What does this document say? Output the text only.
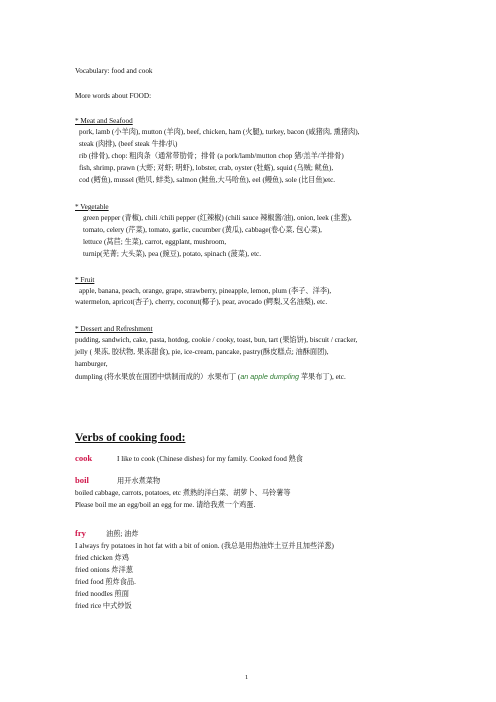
Vocabulary: food and cook
More words about FOOD:
* Meat and Seafood
pork, lamb (小羊肉), mutton (羊肉), beef, chicken, ham (火腿), turkey, bacon (咸猪肉, 熏猪肉),
steak (肉排), (beef steak 牛排/扒)
rib (排骨), chop: 粗肉条（通常带肋骨；排骨 (a pork/lamb/mutton chop 猪/羔羊/羊排骨)
fish, shrimp, prawn (大虾; 对虾; 明虾), lobster, crab, oyster (牡蛎), squid (乌贼; 鱿鱼),
cod (鳕鱼), mussel (贻贝, 蚌类), salmon (鲑鱼,大马哈鱼), eel (鳗鱼), sole (比目鱼)etc.
* Vegetable
green pepper (青椒), chili /chili pepper (红辣椒) (chili sauce 辣椒酱/油), onion, leek (韭葱),
tomato, celery (芹菜), tomato, garlic, cucumber (黄瓜), cabbage(卷心菜, 包心菜),
lettuce (莴苣; 生菜), carrot, eggplant, mushroom,
turnip(芜菁; 大头菜), pea (豌豆), potato, spinach (菠菜), etc.
* Fruit
apple, banana, peach, orange, grape, strawberry, pineapple, lemon, plum (李子、洋李),
watermelon, apricot(杏子), cherry, coconut(椰子), pear, avocado (鳄梨,又名油梨), etc.
* Dessert and Refreshment
pudding, sandwich, cake, pasta, hotdog, cookie / cooky, toast, bun, tart (果馅饼), biscuit / cracker,
jelly ( 果冻, 胶状物, 果冻甜食), pie, ice-cream, pancake, pastry(酥皮糕点; 油酥面团),
hamburger,
dumpling (将水果放在面团中烘制而成的）水果布丁 (an apple dumpling 苹果布丁), etc.
Verbs of cooking food:
cook	I like to cook (Chinese dishes) for my family. Cooked food 熟食
boil	用开水煮菜物
boiled cabbage, carrots, potatoes, etc 煮熟的洋白菜、胡萝卜、马铃薯等
Please boil me an egg/boil an egg for me. 请给我煮一个鸡蛋.
fry	油煎; 油炸
I always fry potatoes in hot fat with a bit of onion. (我总是用热油炸土豆并且加些洋葱)
fried chicken 炸鸡
fried onions 炸洋葱
fried food 煎炸食品.
fried noodles 煎面
fried rice 中式炒饭
1
